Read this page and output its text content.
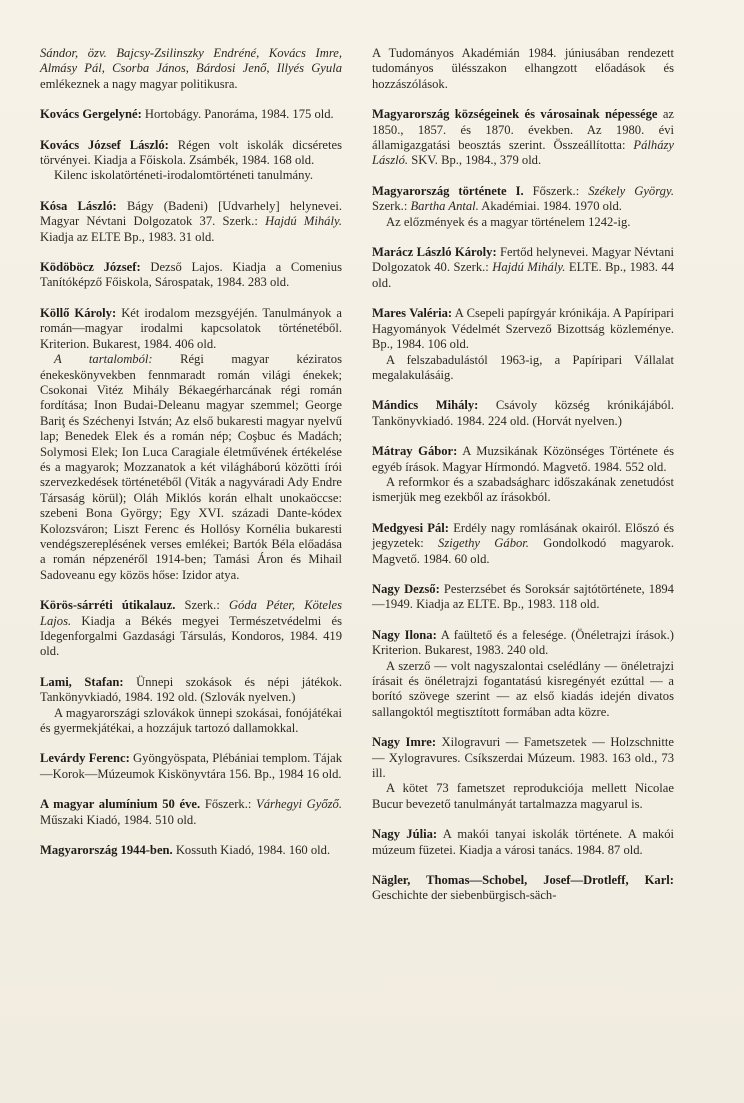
Sándor, özv. Bajcsy-Zsilinszky Endréné, Kovács Imre, Almásy Pál, Csorba János, Bárdosi Jenő, Illyés Gyula emlékeznek a nagy magyar politikusra.

Kovács Gergelyné: Hortobágy. Panoráma, 1984. 175 old.

Kovács József László: Régen volt iskolák dicséretes törvényei. Kiadja a Főiskola. Zsámbék, 1984. 168 old.

Kilenc iskolatörténeti-irodalomtörténeti tanulmány.

Kósa László: Bágy (Badeni) [Udvarhely] helynevei. Magyar Névtani Dolgozatok 37. Szerk.: Hajdú Mihály. Kiadja az ELTE Bp., 1983. 31 old.

Ködöböcz József: Dezső Lajos. Kiadja a Comenius Tanítóképző Főiskola, Sárospatak, 1984. 283 old.

Köllő Károly: Két irodalom mezsgyéjén. Tanulmányok a román—magyar irodalmi kapcsolatok történetéből. Kriterion. Bukarest, 1984. 406 old.

A tartalomból: Régi magyar kéziratos énekeskönyvekben fennmaradt román világi énekek; Csokonai Vitéz Mihály Békaegérharcának régi román fordítása; Inon Budai-Deleanu magyar szemmel; George Bariţ és Széchenyi István; Az első bukaresti magyar nyelvű lap; Benedek Elek és a román nép; Coşbuc és Madách; Solymosi Elek; Ion Luca Caragiale életművének értékelése és a magyarok; Mozzanatok a két világháború közötti írói szervezkedések történetéből (Viták a nagyváradi Ady Endre Társaság körül); Oláh Miklós korán elhalt unokaöccse: szebeni Bona György; Egy XVI. századi Dante-kódex Kolozsváron; Liszt Ferenc és Hollósy Kornélia bukaresti vendégszereplésének verses emlékei; Bartók Béla előadása a román népzenéről 1914-ben; Tamási Áron és Mihail Sadoveanu egy közös hőse: Izidor atya.

Körös-sárréti útikalauz. Szerk.: Góda Péter, Köteles Lajos. Kiadja a Békés megyei Természetvédelmi és Idegenforgalmi Gazdasági Társulás, Kondoros, 1984. 419 old.

Lami, Stafan: Ünnepi szokások és népi játékok. Tankönyvkiadó, 1984. 192 old. (Szlovák nyelven.)

A magyarországi szlovákok ünnepi szokásai, fonójátékai és gyermekjátékai, a hozzájuk tartozó dallamokkal.

Levárdy Ferenc: Gyöngyöspata, Plébániai templom. Tájak—Korok—Múzeumok Kiskönyvtára 156. Bp., 1984 16 old.

A magyar alumínium 50 éve. Főszerk.: Várhegyi Győző. Műszaki Kiadó, 1984. 510 old.

Magyarország 1944-ben. Kossuth Kiadó, 1984. 160 old.

A Tudományos Akadémián 1984. júniusában rendezett tudományos ülésszakon elhangzott előadások és hozzászólások.

Magyarország községeinek és városainak népessége az 1850., 1857. és 1870. években. Az 1980. évi államigazgatási beosztás szerint. Összeállította: Pálházy László. SKV. Bp., 1984., 379 old.

Magyarország története I. Főszerk.: Székely György. Szerk.: Bartha Antal. Akadémiai. 1984. 1970 old.

Az előzmények és a magyar történelem 1242-ig.

Marácz László Károly: Fertőd helynevei. Magyar Névtani Dolgozatok 40. Szerk.: Hajdú Mihály. ELTE. Bp., 1983. 44 old.

Mares Valéria: A Csepeli papírgyár krónikája. A Papíripari Hagyományok Védelmét Szervező Bizottság közleménye. Bp., 1984. 106 old.

A felszabadulástól 1963-ig, a Papíripari Vállalat megalakulásáig.

Mándics Mihály: Csávoly község krónikájából. Tankönyvkiadó. 1984. 224 old. (Horvát nyelven.)

Mátray Gábor: A Muzsikának Közönséges Története és egyéb írások. Magyar Hírmondó. Magvető. 1984. 552 old.

A reformkor és a szabadságharc időszakának zenetudóst ismerjük meg ezekből az írásokból.

Medgyesi Pál: Erdély nagy romlásának okairól. Előszó és jegyzetek: Szigethy Gábor. Gondolkodó magyarok. Magvető. 1984. 60 old.

Nagy Dezső: Pesterzsébet és Soroksár sajtótörténete, 1894—1949. Kiadja az ELTE. Bp., 1983. 118 old.

Nagy Ilona: A faültető és a felesége. (Önéletrajzi írások.) Kriterion. Bukarest, 1983. 240 old.

A szerző — volt nagyszalontai cselédlány — önéletrajzi írásait és önéletrajzi fogantatású kisregényét ezúttal — a borító szövege szerint — az első kiadás idején divatos sallangoktól megtisztított formában adta közre.

Nagy Imre: Xilogravuri — Fametszetek — Holzschnitte — Xylogravures. Csíkszerdai Múzeum. 1983. 163 old., 73 ill.

A kötet 73 fametszet reprodukciója mellett Nicolae Bucur bevezető tanulmányát tartalmazza magyarul is.

Nagy Júlia: A makói tanyai iskolák története. A makói múzeum füzetei. Kiadja a városi tanács. 1984. 87 old.

Nägler, Thomas—Schobel, Josef—Drotleff, Karl: Geschichte der siebenbürgisch-säch-
